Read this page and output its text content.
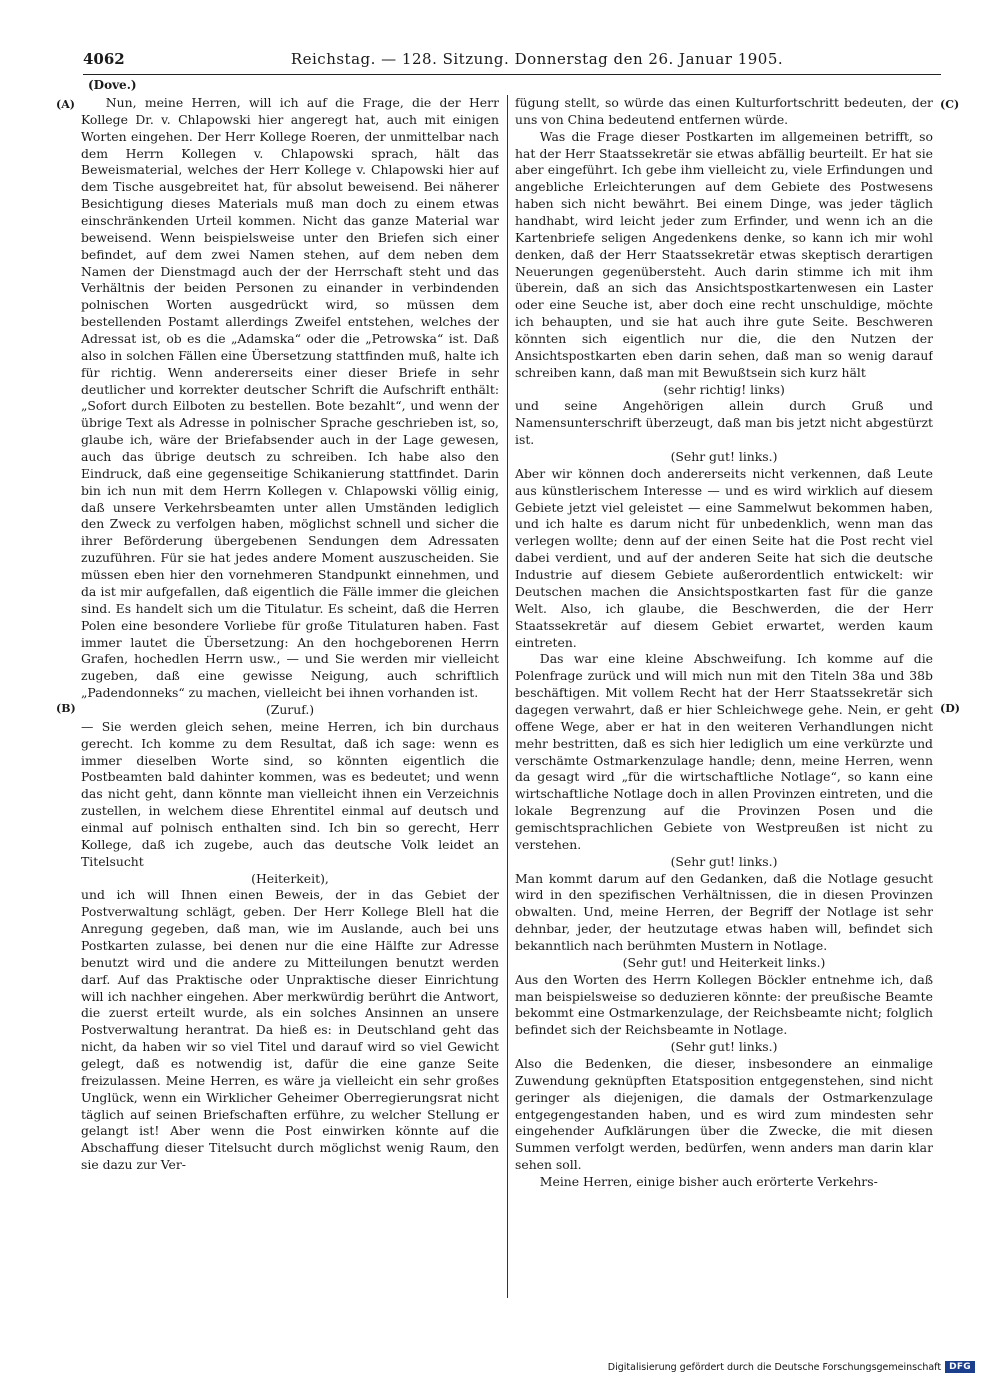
4062	Reichstag. — 128. Sitzung. Donnerstag den 26. Januar 1905.
(Dove.)
(A)
(B)
(C)
(D)

Nun, meine Herren, will ich auf die Frage, die der Herr Kollege Dr. v. Chlapowski hier angeregt hat, auch mit einigen Worten eingehen. Der Herr Kollege Roeren, der unmittelbar nach dem Herrn Kollegen v. Chlapowski sprach, hält das Beweismaterial, welches der Herr Kollege v. Chlapowski hier auf dem Tische ausgebreitet hat, für absolut beweisend. Bei näherer Besichtigung dieses Materials muß man doch zu einem etwas einschränkenden Urteil kommen. Nicht das ganze Material war beweisend. Wenn beispielsweise unter den Briefen sich einer befindet, auf dem zwei Namen stehen, auf dem neben dem Namen der Dienstmagd auch der der Herrschaft steht und das Verhältnis der beiden Personen zu einander in verbindenden polnischen Worten ausgedrückt wird, so müssen dem bestellenden Postamt allerdings Zweifel entstehen, welches der Adressat ist, ob es die „Adamska“ oder die „Petrowska“ ist. Daß also in solchen Fällen eine Übersetzung stattfinden muß, halte ich für richtig. Wenn andererseits einer dieser Briefe in sehr deutlicher und korrekter deutscher Schrift die Aufschrift enthält: „Sofort durch Eilboten zu bestellen. Bote bezahlt“, und wenn der übrige Text als Adresse in polnischer Sprache geschrieben ist, so, glaube ich, wäre der Briefabsender auch in der Lage gewesen, auch das übrige deutsch zu schreiben. Ich habe also den Eindruck, daß eine gegenseitige Schikanierung stattfindet. Darin bin ich nun mit dem Herrn Kollegen v. Chlapowski völlig einig, daß unsere Verkehrsbeamten unter allen Umständen lediglich den Zweck zu verfolgen haben, möglichst schnell und sicher die ihrer Beförderung übergebenen Sendungen dem Adressaten zuzuführen. Für sie hat jedes andere Moment auszuscheiden. Sie müssen eben hier den vornehmeren Standpunkt einnehmen, und da ist mir aufgefallen, daß eigentlich die Fälle immer die gleichen sind. Es handelt sich um die Titulatur. Es scheint, daß die Herren Polen eine besondere Vorliebe für große Titulaturen haben. Fast immer lautet die Übersetzung: An den hochgeborenen Herrn Grafen, hochedlen Herrn usw., — und Sie werden mir vielleicht zugeben, daß eine gewisse Neigung, auch schriftlich „Padendonneks“ zu machen, vielleicht bei ihnen vorhanden ist.

(Zuruf.)

— Sie werden gleich sehen, meine Herren, ich bin durchaus gerecht. Ich komme zu dem Resultat, daß ich sage: wenn es immer dieselben Worte sind, so könnten eigentlich die Postbeamten bald dahinter kommen, was es bedeutet; und wenn das nicht geht, dann könnte man vielleicht ihnen ein Verzeichnis zustellen, in welchem diese Ehrentitel einmal auf deutsch und einmal auf polnisch enthalten sind. Ich bin so gerecht, Herr Kollege, daß ich zugebe, auch das deutsche Volk leidet an Titelsucht

(Heiterkeit),

und ich will Ihnen einen Beweis, der in das Gebiet der Postverwaltung schlägt, geben. Der Herr Kollege Blell hat die Anregung gegeben, daß man, wie im Auslande, auch bei uns Postkarten zulasse, bei denen nur die eine Hälfte zur Adresse benutzt wird und die andere zu Mitteilungen benutzt werden darf. Auf das Praktische oder Unpraktische dieser Einrichtung will ich nachher eingehen. Aber merkwürdig berührt die Antwort, die zuerst erteilt wurde, als ein solches Ansinnen an unsere Postverwaltung herantrat. Da hieß es: in Deutschland geht das nicht, da haben wir so viel Titel und darauf wird so viel Gewicht gelegt, daß es notwendig ist, dafür die eine ganze Seite freizulassen. Meine Herren, es wäre ja vielleicht ein sehr großes Unglück, wenn ein Wirklicher Geheimer Oberregierungsrat nicht täglich auf seinen Briefschaften erführe, zu welcher Stellung er gelangt ist! Aber wenn die Post einwirken könnte auf die Abschaffung dieser Titelsucht durch möglichst wenig Raum, den sie dazu zur Ver-

fügung stellt, so würde das einen Kulturfortschritt bedeuten, der uns von China bedeutend entfernen würde.

Was die Frage dieser Postkarten im allgemeinen betrifft, so hat der Herr Staatssekretär sie etwas abfällig beurteilt. Er hat sie aber eingeführt. Ich gebe ihm vielleicht zu, viele Erfindungen und angebliche Erleichterungen auf dem Gebiete des Postwesens haben sich nicht bewährt. Bei einem Dinge, was jeder täglich handhabt, wird leicht jeder zum Erfinder, und wenn ich an die Kartenbriefe seligen Angedenkens denke, so kann ich mir wohl denken, daß der Herr Staatssekretär etwas skeptisch derartigen Neuerungen gegenübersteht. Auch darin stimme ich mit ihm überein, daß an sich das Ansichtspostkartenwesen ein Laster oder eine Seuche ist, aber doch eine recht unschuldige, möchte ich behaupten, und sie hat auch ihre gute Seite. Beschweren könnten sich eigentlich nur die, die den Nutzen der Ansichtspostkarten eben darin sehen, daß man so wenig darauf schreiben kann, daß man mit Bewußtsein sich kurz hält

(sehr richtig! links)

und seine Angehörigen allein durch Gruß und Namensunterschrift überzeugt, daß man bis jetzt nicht abgestürzt ist.

(Sehr gut! links.)

Aber wir können doch andererseits nicht verkennen, daß Leute aus künstlerischem Interesse — und es wird wirklich auf diesem Gebiete jetzt viel geleistet — eine Sammelwut bekommen haben, und ich halte es darum nicht für unbedenklich, wenn man das verlegen wollte; denn auf der einen Seite hat die Post recht viel dabei verdient, und auf der anderen Seite hat sich die deutsche Industrie auf diesem Gebiete außerordentlich entwickelt: wir Deutschen machen die Ansichtspostkarten fast für die ganze Welt. Also, ich glaube, die Beschwerden, die der Herr Staatssekretär auf diesem Gebiet erwartet, werden kaum eintreten.

Das war eine kleine Abschweifung. Ich komme auf die Polenfrage zurück und will mich nun mit den Titeln 38a und 38b beschäftigen. Mit vollem Recht hat der Herr Staatssekretär sich dagegen verwahrt, daß er hier Schleichwege gehe. Nein, er geht offene Wege, aber er hat in den weiteren Verhandlungen nicht mehr bestritten, daß es sich hier lediglich um eine verkürzte und verschämte Ostmarkenzulage handle; denn, meine Herren, wenn da gesagt wird „für die wirtschaftliche Notlage“, so kann eine wirtschaftliche Notlage doch in allen Provinzen eintreten, und die lokale Begrenzung auf die Provinzen Posen und die gemischtsprachlichen Gebiete von Westpreußen ist nicht zu verstehen.

(Sehr gut! links.)

Man kommt darum auf den Gedanken, daß die Notlage gesucht wird in den spezifischen Verhältnissen, die in diesen Provinzen obwalten. Und, meine Herren, der Begriff der Notlage ist sehr dehnbar, jeder, der heutzutage etwas haben will, befindet sich bekanntlich nach berühmten Mustern in Notlage.

(Sehr gut! und Heiterkeit links.)

Aus den Worten des Herrn Kollegen Böckler entnehme ich, daß man beispielsweise so deduzieren könnte: der preußische Beamte bekommt eine Ostmarkenzulage, der Reichsbeamte nicht; folglich befindet sich der Reichsbeamte in Notlage.

(Sehr gut! links.)

Also die Bedenken, die dieser, insbesondere an einmalige Zuwendung geknüpften Etatsposition entgegenstehen, sind nicht geringer als diejenigen, die damals der Ostmarkenzulage entgegengestanden haben, und es wird zum mindesten sehr eingehender Aufklärungen über die Zwecke, die mit diesen Summen verfolgt werden, bedürfen, wenn anders man darin klar sehen soll.

Meine Herren, einige bisher auch erörterte Verkehrs-

Digitalisierung gefördert durch die Deutsche Forschungsgemeinschaft DFG
